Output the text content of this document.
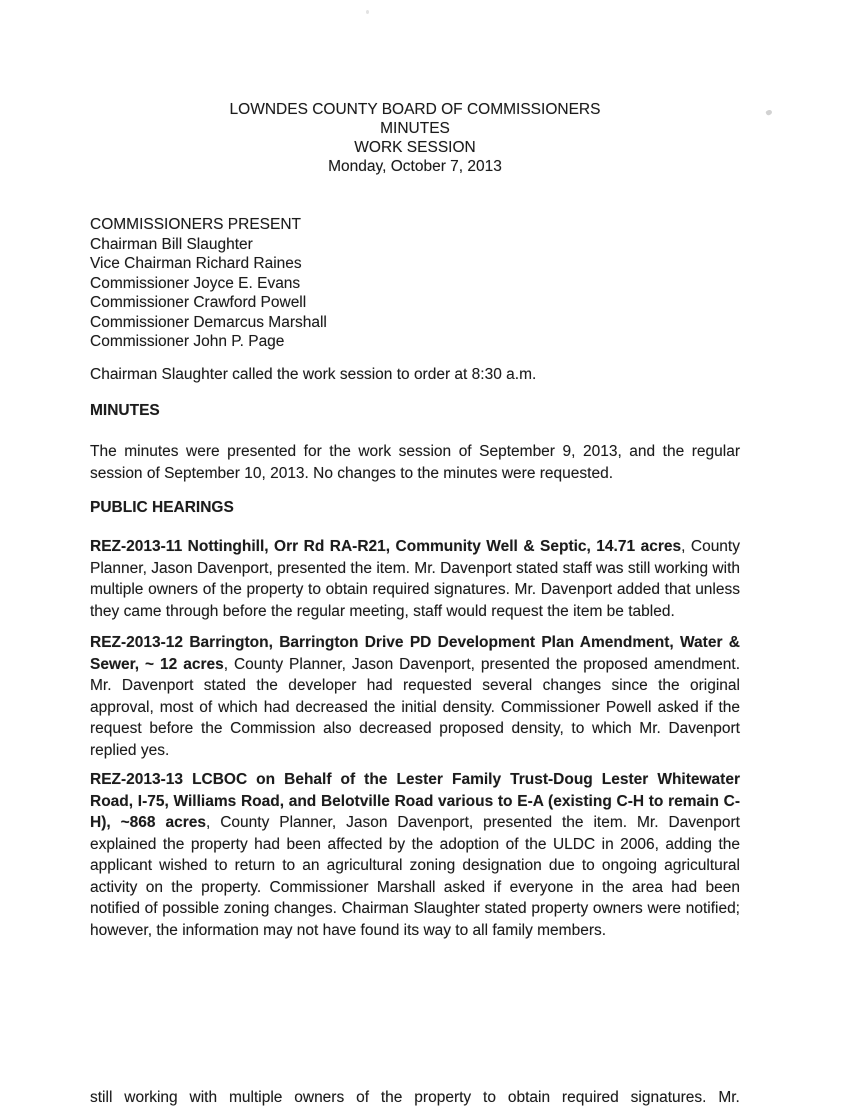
LOWNDES COUNTY BOARD OF COMMISSIONERS
MINUTES
WORK SESSION
Monday, October 7, 2013
COMMISSIONERS PRESENT
Chairman Bill Slaughter
Vice Chairman Richard Raines
Commissioner Joyce E. Evans
Commissioner Crawford Powell
Commissioner Demarcus Marshall
Commissioner John P. Page
Chairman Slaughter called the work session to order at 8:30 a.m.
MINUTES
The minutes were presented for the work session of September 9, 2013, and the regular session of September 10, 2013. No changes to the minutes were requested.
PUBLIC HEARINGS
REZ-2013-11 Nottinghill, Orr Rd RA-R21, Community Well & Septic, 14.71 acres, County Planner, Jason Davenport, presented the item. Mr. Davenport stated staff was still working with multiple owners of the property to obtain required signatures. Mr. Davenport added that unless they came through before the regular meeting, staff would request the item be tabled.
REZ-2013-12 Barrington, Barrington Drive PD Development Plan Amendment, Water & Sewer, ~ 12 acres, County Planner, Jason Davenport, presented the proposed amendment. Mr. Davenport stated the developer had requested several changes since the original approval, most of which had decreased the initial density. Commissioner Powell asked if the request before the Commission also decreased proposed density, to which Mr. Davenport replied yes.
REZ-2013-13 LCBOC on Behalf of the Lester Family Trust-Doug Lester Whitewater Road, I-75, Williams Road, and Belotville Road various to E-A (existing C-H to remain C-H), ~868 acres, County Planner, Jason Davenport, presented the item. Mr. Davenport explained the property had been affected by the adoption of the ULDC in 2006, adding the applicant wished to return to an agricultural zoning designation due to ongoing agricultural activity on the property. Commissioner Marshall asked if everyone in the area had been notified of possible zoning changes. Chairman Slaughter stated property owners were notified; however, the information may not have found its way to all family members.
still working with multiple owners of the property to obtain required signatures. Mr.
